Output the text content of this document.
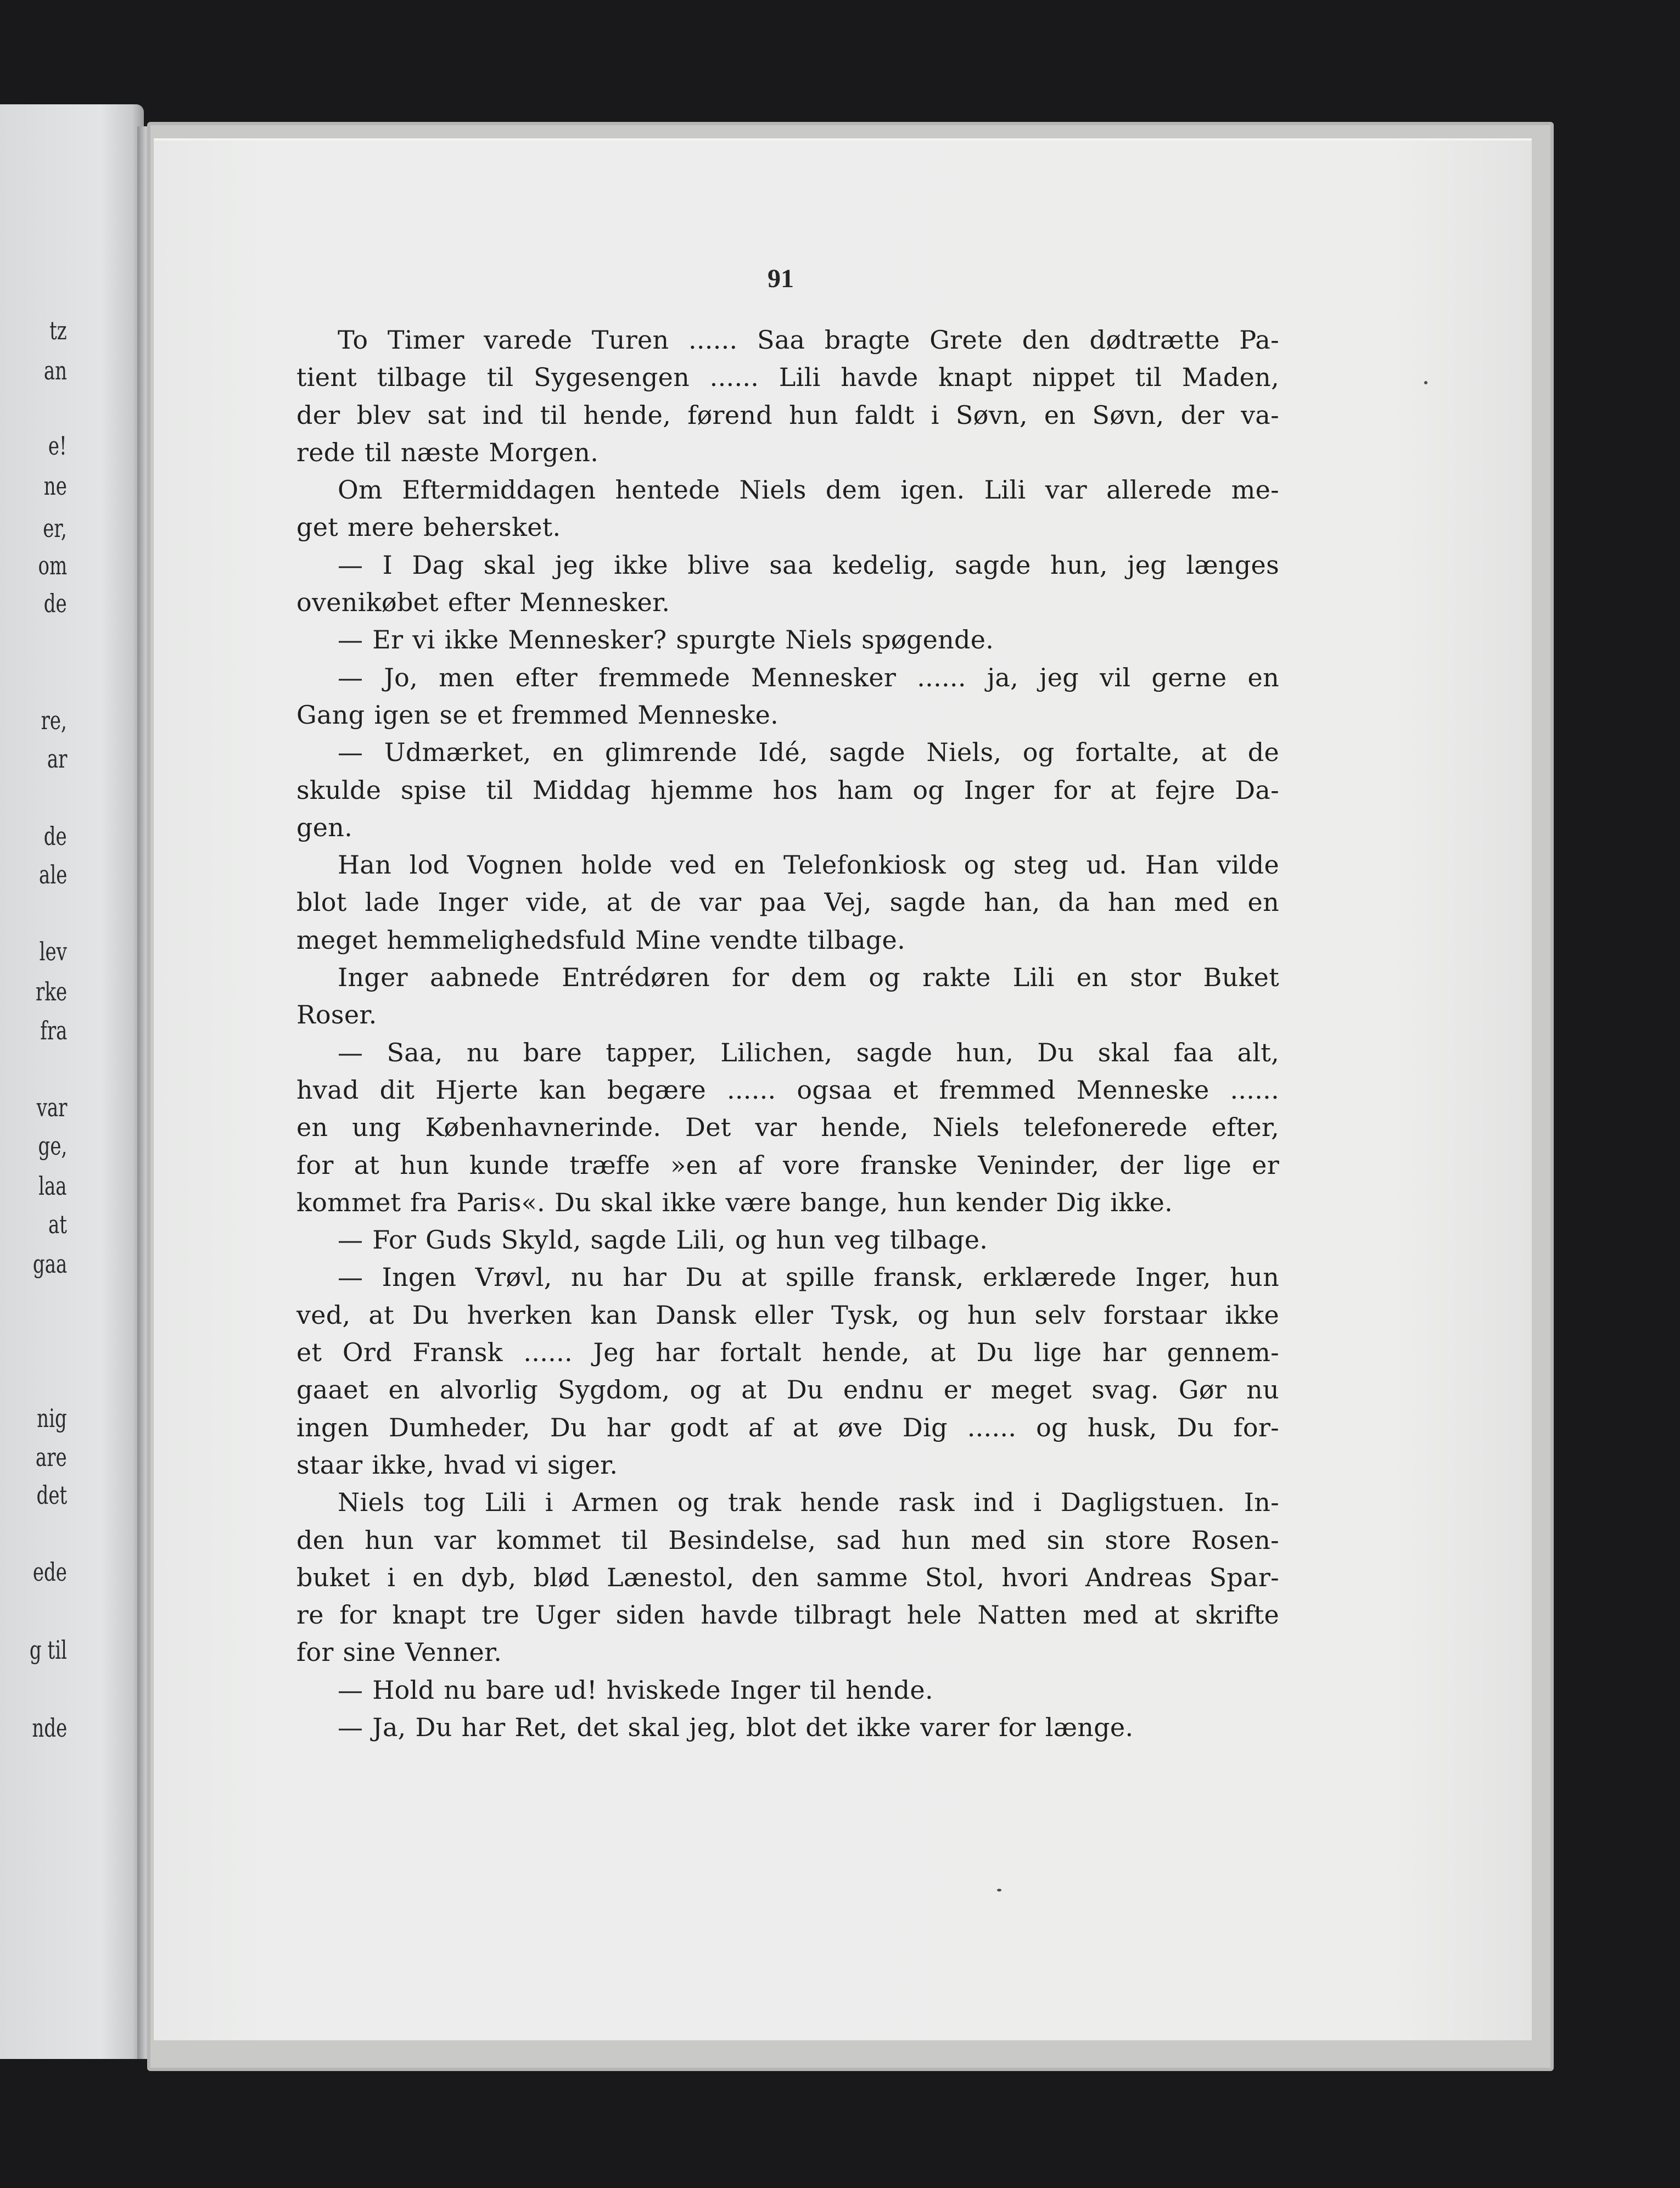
tz
an
e!
ne
er,
om
de
re,
ar
de
ale
lev
rke
fra
var
ge,
laa
at
gaa
nig
are
det
ede
g til
nde
91
To Timer varede Turen ...... Saa bragte Grete den dødtrætte Pa-
tient tilbage til Sygesengen ...... Lili havde knapt nippet til Maden,
der blev sat ind til hende, førend hun faldt i Søvn, en Søvn, der va-
rede til næste Morgen.
Om Eftermiddagen hentede Niels dem igen. Lili var allerede me-
get mere behersket.
— I Dag skal jeg ikke blive saa kedelig, sagde hun, jeg længes
ovenikøbet efter Mennesker.
— Er vi ikke Mennesker? spurgte Niels spøgende.
— Jo, men efter fremmede Mennesker ...... ja, jeg vil gerne en
Gang igen se et fremmed Menneske.
— Udmærket, en glimrende Idé, sagde Niels, og fortalte, at de
skulde spise til Middag hjemme hos ham og Inger for at fejre Da-
gen.
Han lod Vognen holde ved en Telefonkiosk og steg ud. Han vilde
blot lade Inger vide, at de var paa Vej, sagde han, da han med en
meget hemmelighedsfuld Mine vendte tilbage.
Inger aabnede Entrédøren for dem og rakte Lili en stor Buket
Roser.
— Saa, nu bare tapper, Lilichen, sagde hun, Du skal faa alt,
hvad dit Hjerte kan begære ...... ogsaa et fremmed Menneske ......
en ung Københavnerinde. Det var hende, Niels telefonerede efter,
for at hun kunde træffe »en af vore franske Veninder, der lige er
kommet fra Paris«. Du skal ikke være bange, hun kender Dig ikke.
— For Guds Skyld, sagde Lili, og hun veg tilbage.
— Ingen Vrøvl, nu har Du at spille fransk, erklærede Inger, hun
ved, at Du hverken kan Dansk eller Tysk, og hun selv forstaar ikke
et Ord Fransk ...... Jeg har fortalt hende, at Du lige har gennem-
gaaet en alvorlig Sygdom, og at Du endnu er meget svag. Gør nu
ingen Dumheder, Du har godt af at øve Dig ...... og husk, Du for-
staar ikke, hvad vi siger.
Niels tog Lili i Armen og trak hende rask ind i Dagligstuen. In-
den hun var kommet til Besindelse, sad hun med sin store Rosen-
buket i en dyb, blød Lænestol, den samme Stol, hvori Andreas Spar-
re for knapt tre Uger siden havde tilbragt hele Natten med at skrifte
for sine Venner.
— Hold nu bare ud! hviskede Inger til hende.
— Ja, Du har Ret, det skal jeg, blot det ikke varer for længe.
